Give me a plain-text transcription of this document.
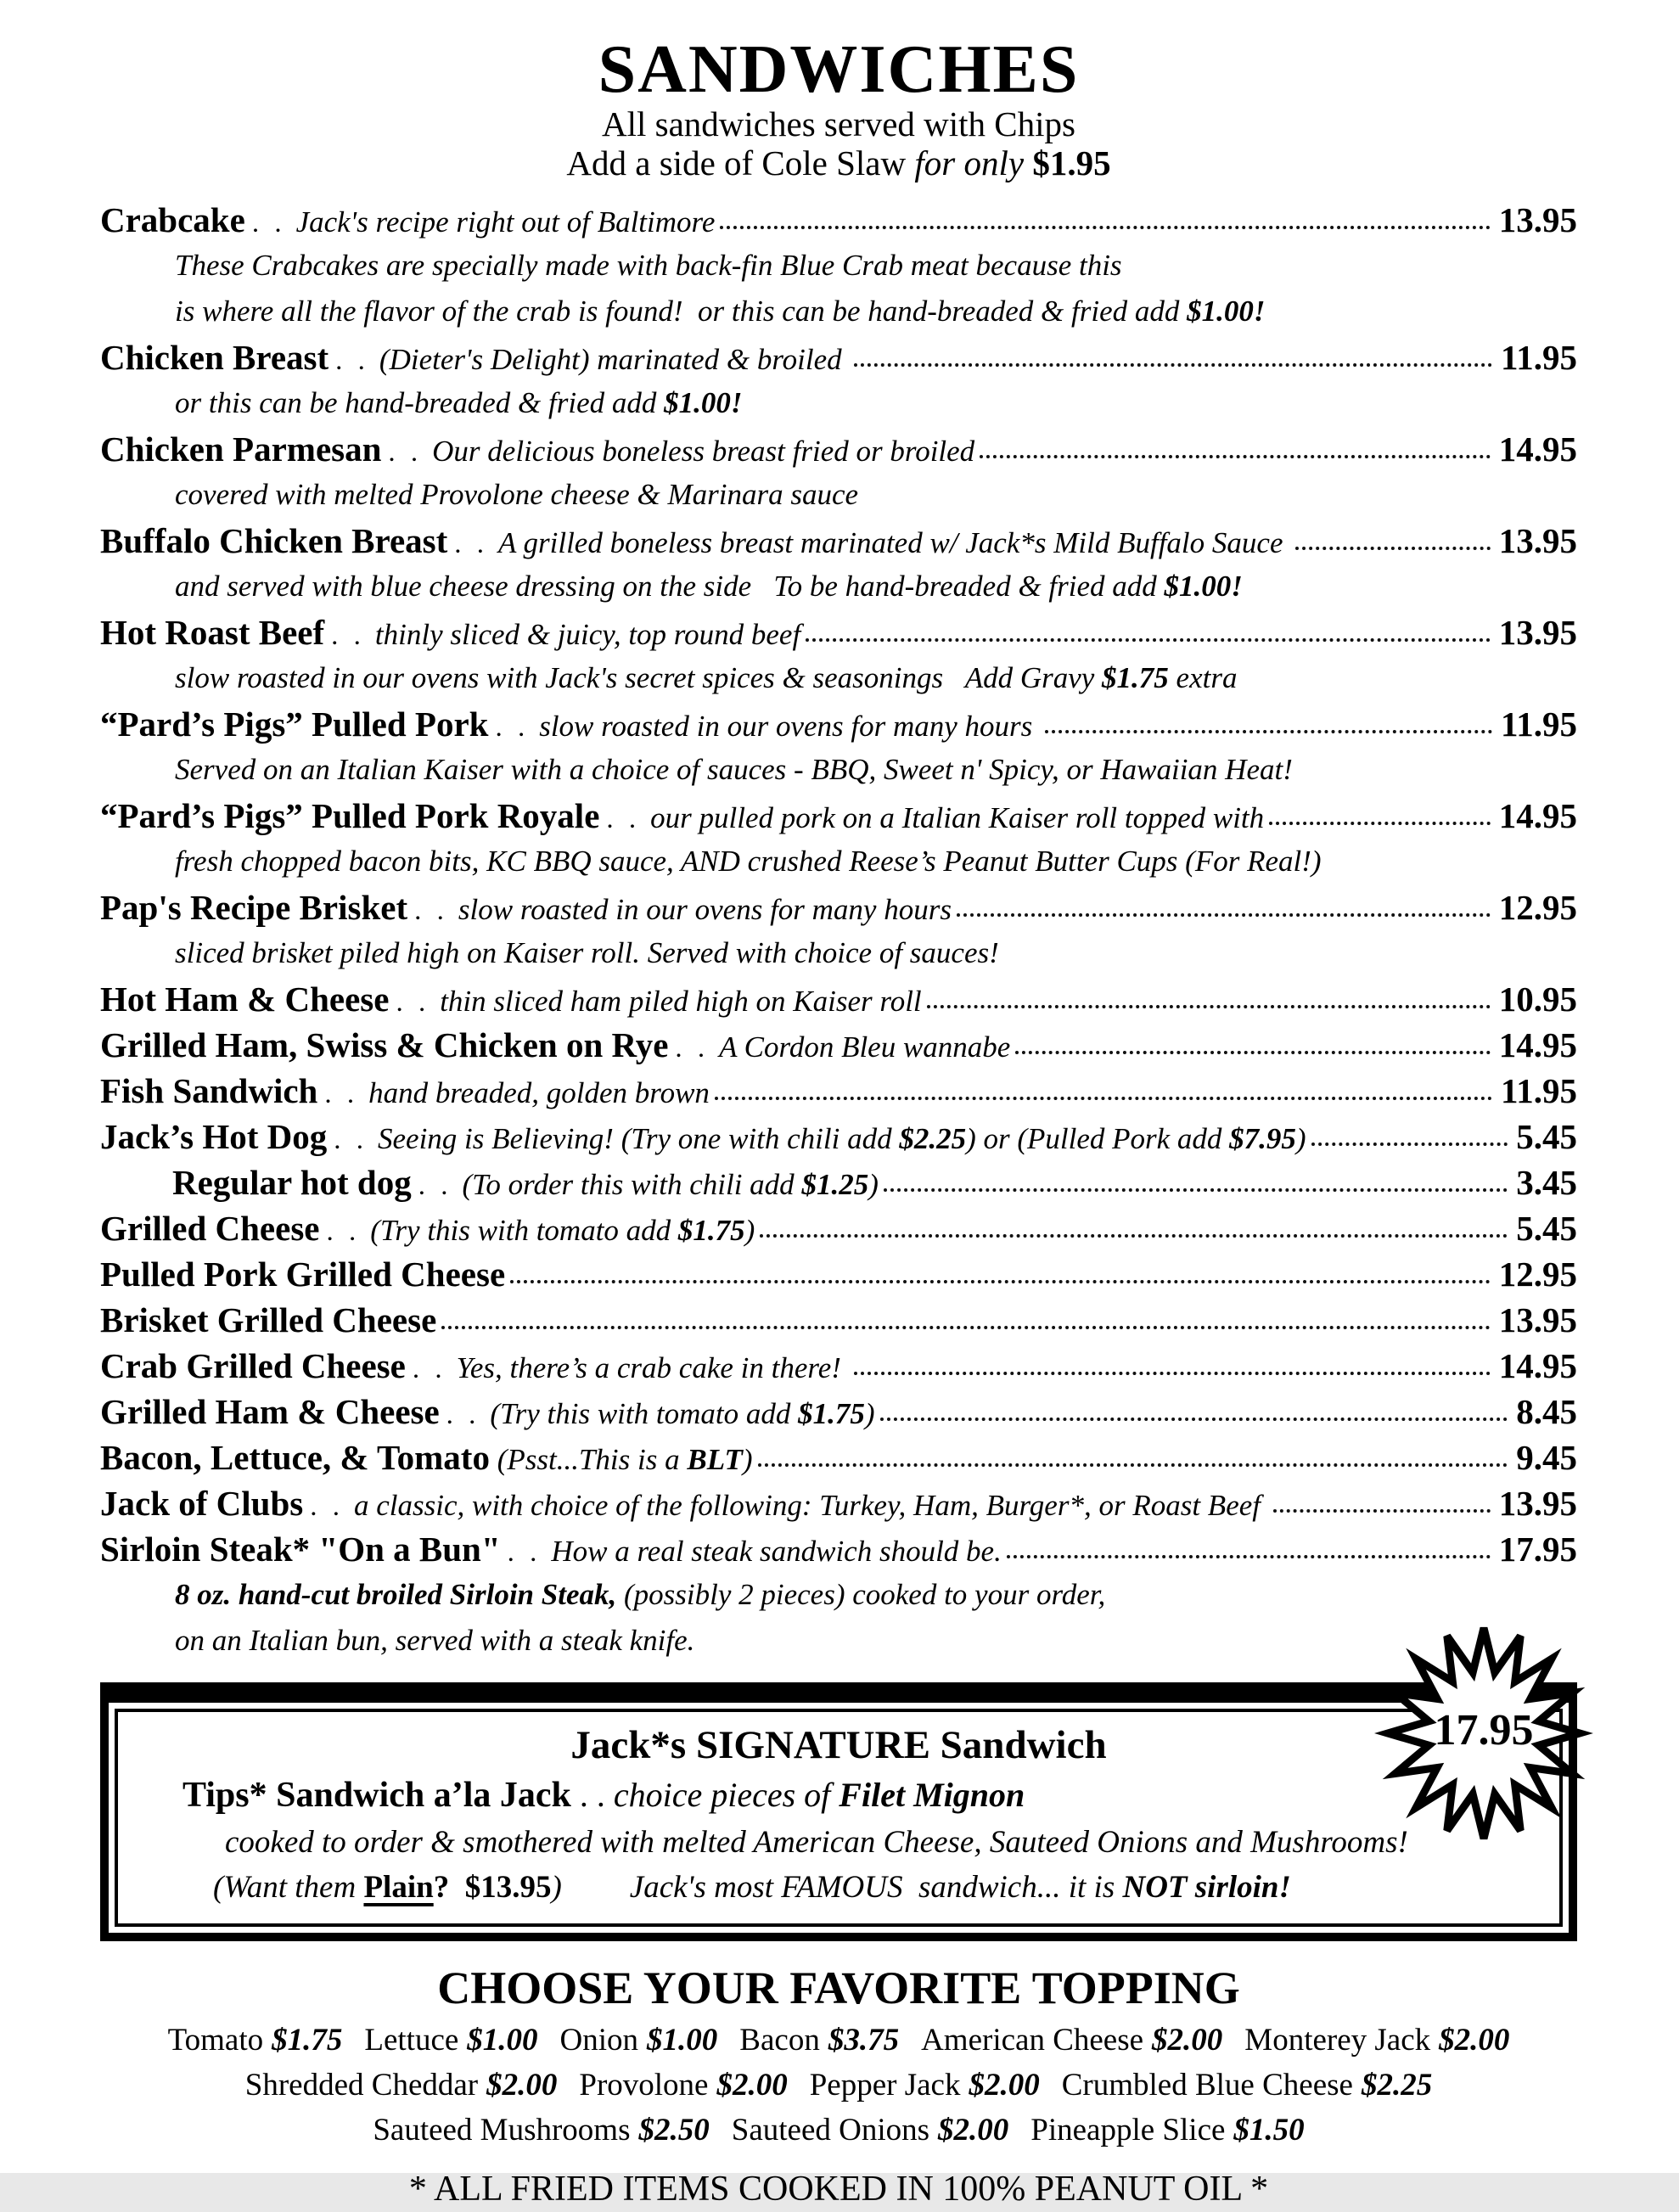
SANDWICHES
All sandwiches served with Chips
Add a side of Cole Slaw for only $1.95
Crabcake . . Jack's recipe right out of Baltimore	13.95
These Crabcakes are specially made with back-fin Blue Crab meat because this
is where all the flavor of the crab is found!  or this can be hand-breaded & fried add $1.00!
Chicken Breast . . (Dieter's Delight) marinated & broiled	11.95
or this can be hand-breaded & fried add $1.00!
Chicken Parmesan . . Our delicious boneless breast fried or broiled	14.95
covered with melted Provolone cheese & Marinara sauce
Buffalo Chicken Breast . . A grilled boneless breast marinated w/ Jack*s Mild Buffalo Sauce	13.95
and served with blue cheese dressing on the side   To be hand-breaded & fried add $1.00!
Hot Roast Beef . . thinly sliced & juicy, top round beef	13.95
slow roasted in our ovens with Jack's secret spices & seasonings   Add Gravy $1.75 extra
“Pard’s Pigs” Pulled Pork . . slow roasted in our ovens for many hours	11.95
Served on an Italian Kaiser with a choice of sauces - BBQ, Sweet n' Spicy, or Hawaiian Heat!
“Pard’s Pigs” Pulled Pork Royale . . our pulled pork on a Italian Kaiser roll topped with	14.95
fresh chopped bacon bits, KC BBQ sauce, AND crushed Reese’s Peanut Butter Cups (For Real!)
Pap's Recipe Brisket . . slow roasted in our ovens for many hours	12.95
sliced brisket piled high on Kaiser roll. Served with choice of sauces!
Hot Ham & Cheese . . thin sliced ham piled high on Kaiser roll	10.95
Grilled Ham, Swiss & Chicken on Rye . . A Cordon Bleu wannabe	14.95
Fish Sandwich . . hand breaded, golden brown	11.95
Jack’s Hot Dog . . Seeing is Believing! (Try one with chili add $2.25) or (Pulled Pork add $7.95)	5.45
Regular hot dog . . (To order this with chili add $1.25)	3.45
Grilled Cheese . . (Try this with tomato add $1.75)	5.45
Pulled Pork Grilled Cheese	12.95
Brisket Grilled Cheese	13.95
Crab Grilled Cheese . . Yes, there’s a crab cake in there!	14.95
Grilled Ham & Cheese . . (Try this with tomato add $1.75)	8.45
Bacon, Lettuce, & Tomato (Psst...This is a BLT)	9.45
Jack of Clubs . . a classic, with choice of the following: Turkey, Ham, Burger*, or Roast Beef	13.95
Sirloin Steak* "On a Bun" . . How a real steak sandwich should be.	17.95
8 oz. hand-cut broiled Sirloin Steak, (possibly 2 pieces) cooked to your order,
on an Italian bun, served with a steak knife.
Jack*s SIGNATURE Sandwich
Tips* Sandwich a’la Jack . . choice pieces of Filet Mignon
cooked to order & smothered with melted American Cheese, Sauteed Onions and Mushrooms!
(Want them Plain?  $13.95) Jack's most FAMOUS  sandwich... it is NOT sirloin!
17.95
CHOOSE YOUR FAVORITE TOPPING
Tomato $1.75 Lettuce $1.00 Onion $1.00 Bacon $3.75 American Cheese $2.00 Monterey Jack $2.00
Shredded Cheddar $2.00 Provolone $2.00 Pepper Jack $2.00 Crumbled Blue Cheese $2.25
Sauteed Mushrooms $2.50 Sauteed Onions $2.00 Pineapple Slice $1.50
* ALL FRIED ITEMS COOKED IN 100% PEANUT OIL *
